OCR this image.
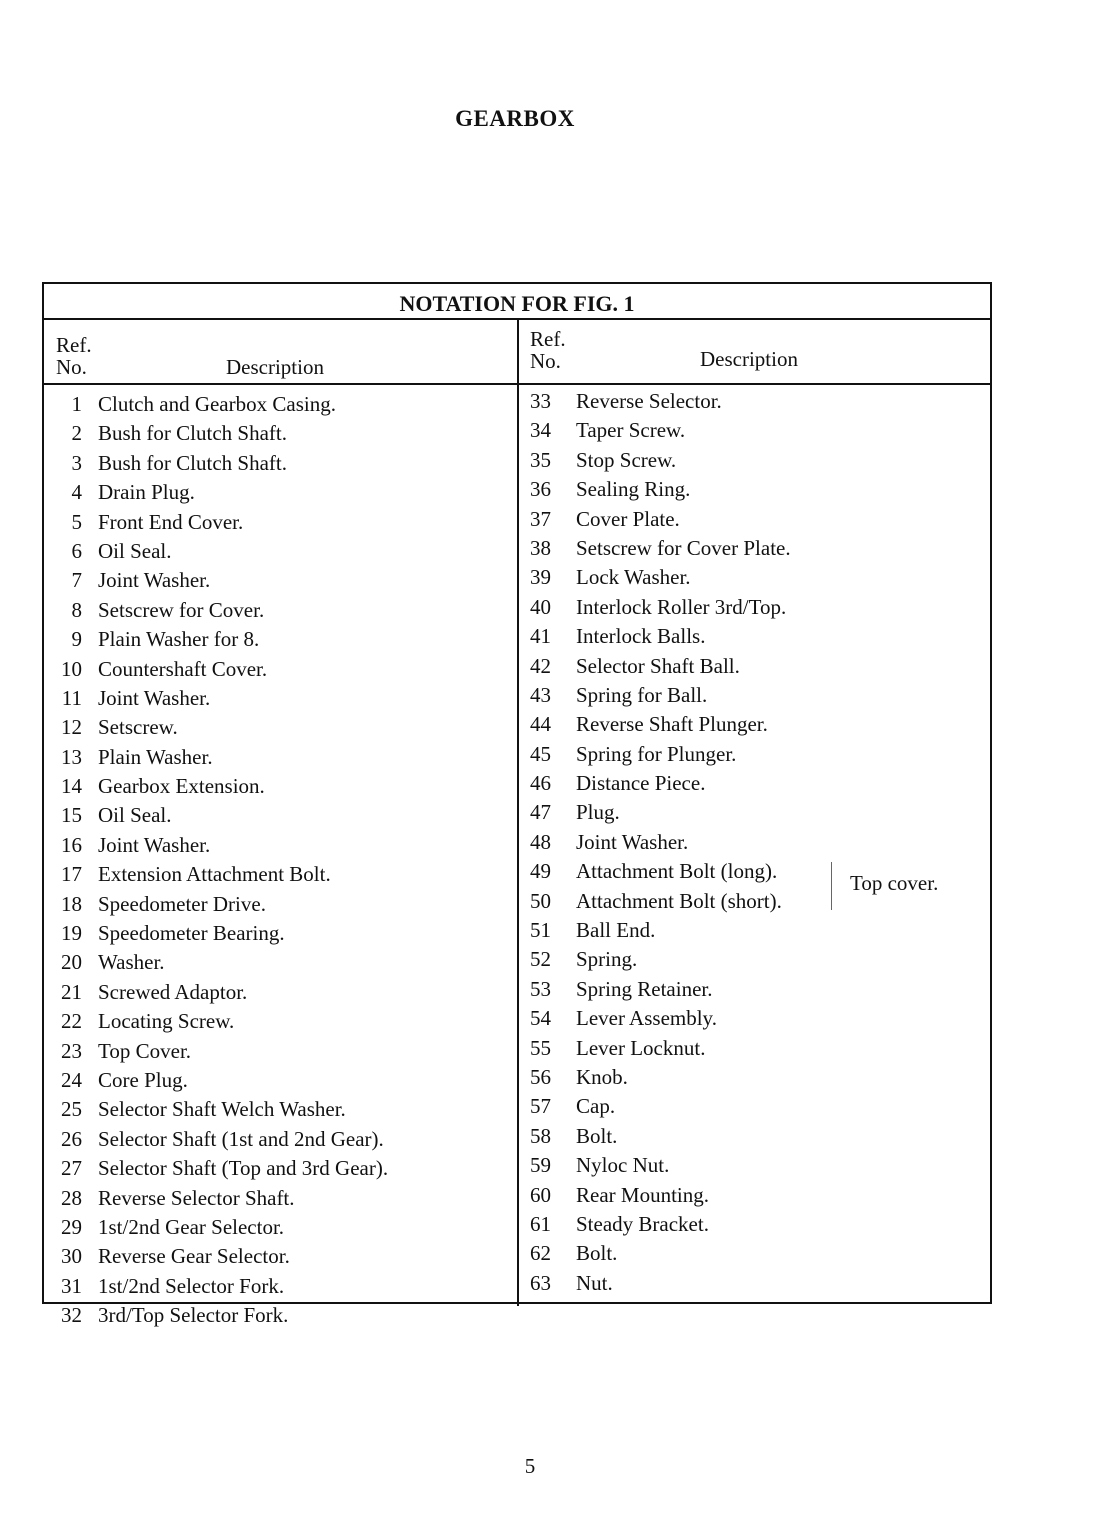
GEARBOX
NOTATION FOR FIG. 1
Ref.
No.	Description
Ref.
No.	Description
1 Clutch and Gearbox Casing.
2 Bush for Clutch Shaft.
3 Bush for Clutch Shaft.
4 Drain Plug.
5 Front End Cover.
6 Oil Seal.
7 Joint Washer.
8 Setscrew for Cover.
9 Plain Washer for 8.
10 Countershaft Cover.
11 Joint Washer.
12 Setscrew.
13 Plain Washer.
14 Gearbox Extension.
15 Oil Seal.
16 Joint Washer.
17 Extension Attachment Bolt.
18 Speedometer Drive.
19 Speedometer Bearing.
20 Washer.
21 Screwed Adaptor.
22 Locating Screw.
23 Top Cover.
24 Core Plug.
25 Selector Shaft Welch Washer.
26 Selector Shaft (1st and 2nd Gear).
27 Selector Shaft (Top and 3rd Gear).
28 Reverse Selector Shaft.
29 1st/2nd Gear Selector.
30 Reverse Gear Selector.
31 1st/2nd Selector Fork.
32 3rd/Top Selector Fork.
33 Reverse Selector.
34 Taper Screw.
35 Stop Screw.
36 Sealing Ring.
37 Cover Plate.
38 Setscrew for Cover Plate.
39 Lock Washer.
40 Interlock Roller 3rd/Top.
41 Interlock Balls.
42 Selector Shaft Ball.
43 Spring for Ball.
44 Reverse Shaft Plunger.
45 Spring for Plunger.
46 Distance Piece.
47 Plug.
48 Joint Washer.
49 Attachment Bolt (long).
50 Attachment Bolt (short).
51 Ball End.
52 Spring.
53 Spring Retainer.
54 Lever Assembly.
55 Lever Locknut.
56 Knob.
57 Cap.
58 Bolt.
59 Nyloc Nut.
60 Rear Mounting.
61 Steady Bracket.
62 Bolt.
63 Nut.
Top cover.
5
